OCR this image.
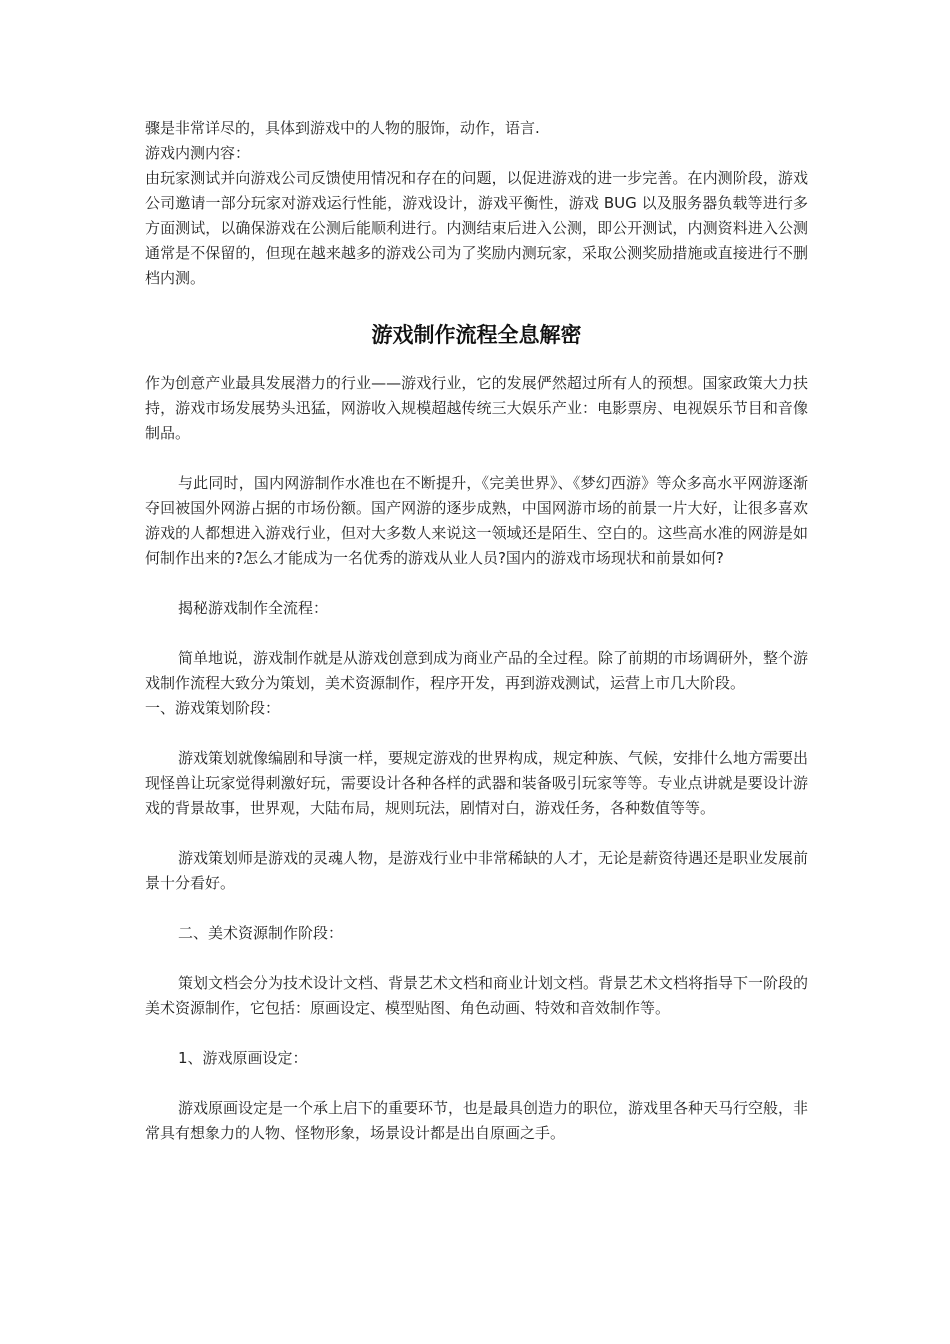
骤是非常详尽的，具体到游戏中的人物的服饰，动作，语言.

游戏内测内容：

由玩家测试并向游戏公司反馈使用情况和存在的问题，以促进游戏的进一步完善。在内测阶段，游戏公司邀请一部分玩家对游戏运行性能，游戏设计，游戏平衡性，游戏 BUG 以及服务器负载等进行多方面测试，以确保游戏在公测后能顺利进行。内测结束后进入公测，即公开测试，内测资料进入公测通常是不保留的，但现在越来越多的游戏公司为了奖励内测玩家，采取公测奖励措施或直接进行不删档内测。

游戏制作流程全息解密

作为创意产业最具发展潜力的行业——游戏行业，它的发展俨然超过所有人的预想。国家政策大力扶持，游戏市场发展势头迅猛，网游收入规模超越传统三大娱乐产业：电影票房、电视娱乐节目和音像制品。

与此同时，国内网游制作水准也在不断提升，《完美世界》、《梦幻西游》等众多高水平网游逐渐夺回被国外网游占据的市场份额。国产网游的逐步成熟，中国网游市场的前景一片大好，让很多喜欢游戏的人都想进入游戏行业，但对大多数人来说这一领域还是陌生、空白的。这些高水准的网游是如何制作出来的?怎么才能成为一名优秀的游戏从业人员?国内的游戏市场现状和前景如何?

揭秘游戏制作全流程：

简单地说，游戏制作就是从游戏创意到成为商业产品的全过程。除了前期的市场调研外，整个游戏制作流程大致分为策划，美术资源制作，程序开发，再到游戏测试，运营上市几大阶段。

一、游戏策划阶段：

游戏策划就像编剧和导演一样，要规定游戏的世界构成，规定种族、气候，安排什么地方需要出现怪兽让玩家觉得刺激好玩，需要设计各种各样的武器和装备吸引玩家等等。专业点讲就是要设计游戏的背景故事，世界观，大陆布局，规则玩法，剧情对白，游戏任务，各种数值等等。

游戏策划师是游戏的灵魂人物，是游戏行业中非常稀缺的人才，无论是薪资待遇还是职业发展前景十分看好。

二、美术资源制作阶段：

策划文档会分为技术设计文档、背景艺术文档和商业计划文档。背景艺术文档将指导下一阶段的美术资源制作，它包括：原画设定、模型贴图、角色动画、特效和音效制作等。

1、游戏原画设定：

游戏原画设定是一个承上启下的重要环节，也是最具创造力的职位，游戏里各种天马行空般，非常具有想象力的人物、怪物形象，场景设计都是出自原画之手。
